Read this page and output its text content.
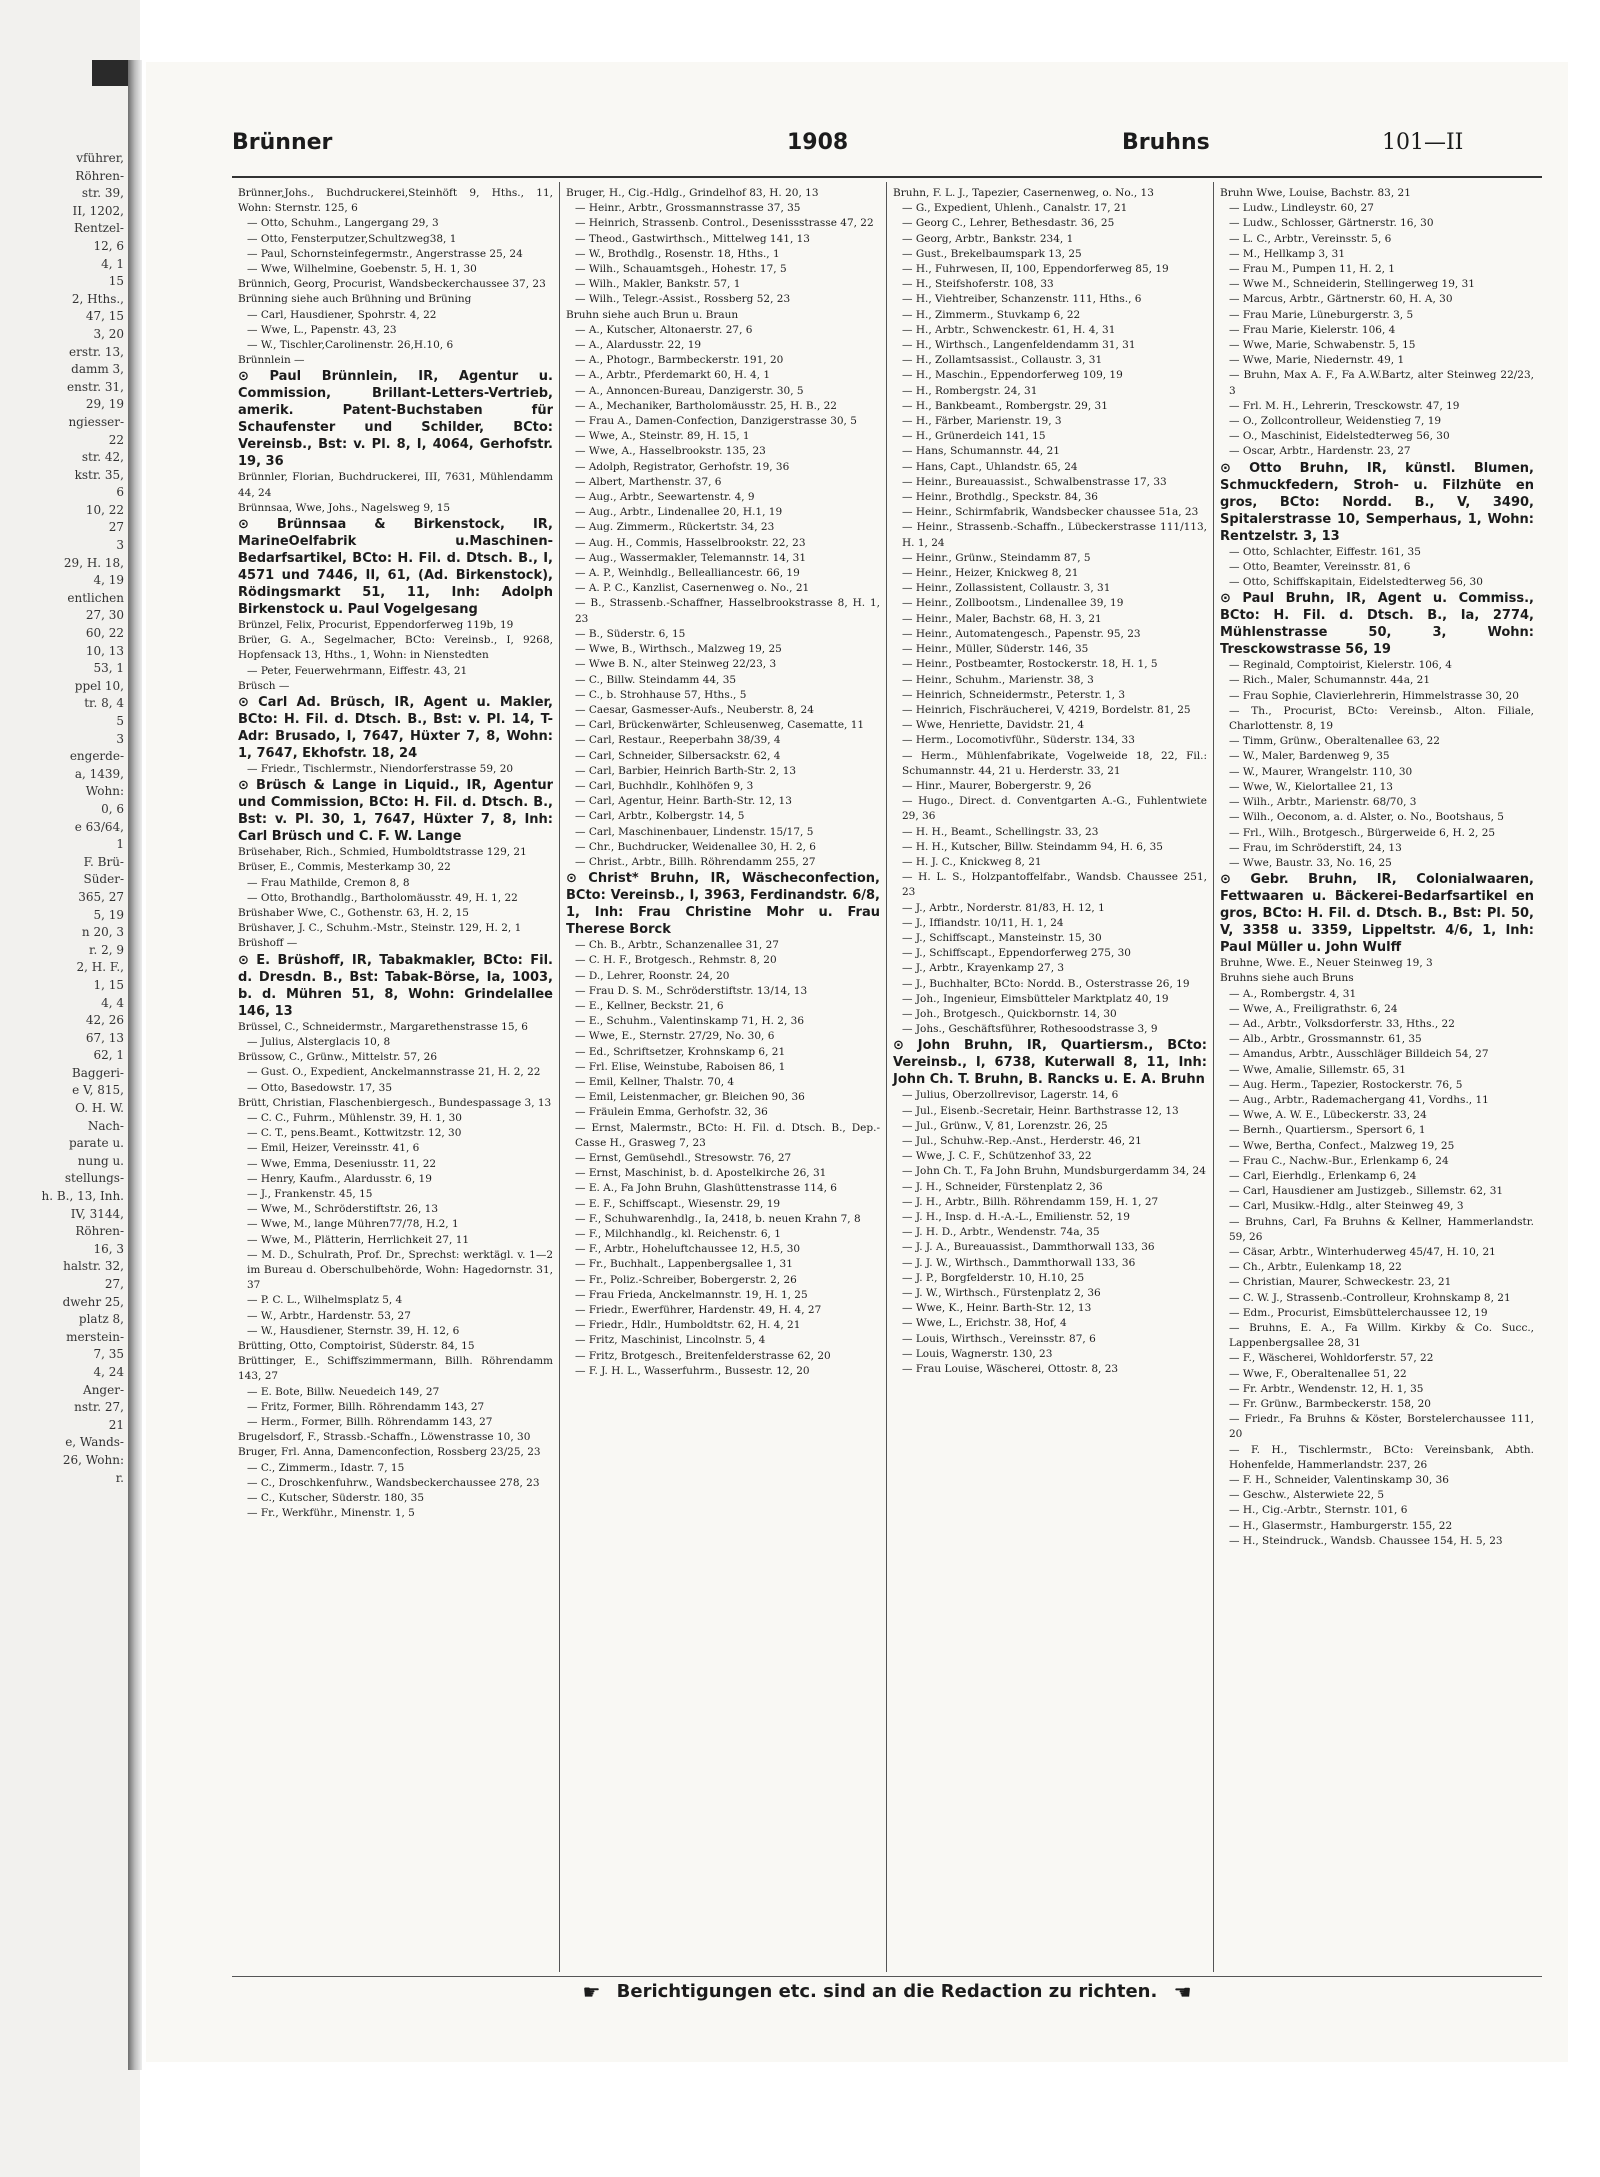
vführer,
Röhren-
str. 39,
II, 1202,
Rentzel-
12, 6
4, 1
15
2, Hths.,
47, 15
3, 20
erstr. 13,
damm 3,
enstr. 31,
29, 19
ngiesser-
22
str. 42,
kstr. 35,
6
10, 22
27
3
29, H. 18,
4, 19
entlichen
27, 30
60, 22
10, 13
53, 1
ppel 10,
tr. 8, 4
5
3
engerde-
a, 1439,
Wohn:
0, 6
e 63/64,
1
F. Brü-
Süder-
365, 27
5, 19
n 20, 3
r. 2, 9
2, H. F.,
1, 15
4, 4
42, 26
67, 13
62, 1
Baggeri-
e V, 815,
O. H. W.
Nach-
parate u.
nung u.
stellungs-
h. B., 13, Inh.
IV, 3144,
Röhren-
16, 3
halstr. 32,
27,
dwehr 25,
platz 8,
merstein-
7, 35
4, 24
Anger-
nstr. 27,
21
e, Wands-
26, Wohn:
r.
Brünner	1908	Bruhns	101—II
Brünner,Johs., Buchdruckerei,Steinhöft 9, Hths., 11, Wohn: Sternstr. 125, 6
— Otto, Schuhm., Langergang 29, 3
— Otto, Fensterputzer,Schultzweg38, 1
— Paul, Schornsteinfegermstr., Angerstrasse 25, 24
— Wwe, Wilhelmine, Goebenstr. 5, H. 1, 30
Brünnich, Georg, Procurist, Wandsbeckerchaussee 37, 23
Brünning siehe auch Brühning und Brüning
— Carl, Hausdiener, Spohrstr. 4, 22
— Wwe, L., Papenstr. 43, 23
— W., Tischler,Carolinenstr. 26,H.10, 6
Brünnlein —
⊙ Paul Brünnlein, IR, Agentur u. Commission, Brillant-Letters-Vertrieb, amerik. Patent-Buchstaben für Schaufenster und Schilder, BCto: Vereinsb., Bst: v. Pl. 8, I, 4064, Gerhofstr. 19, 36
Brünnler, Florian, Buchdruckerei, III, 7631, Mühlendamm 44, 24
Brünnsaa, Wwe, Johs., Nagelsweg 9, 15
⊙ Brünnsaa & Birkenstock, IR, MarineOelfabrik u.Maschinen-Bedarfsartikel, BCto: H. Fil. d. Dtsch. B., I, 4571 und 7446, II, 61, (Ad. Birkenstock), Rödingsmarkt 51, 11, Inh: Adolph Birkenstock u. Paul Vogelgesang
Brünzel, Felix, Procurist, Eppendorferweg 119b, 19
Brüer, G. A., Segelmacher, BCto: Vereinsb., I, 9268, Hopfensack 13, Hths., 1, Wohn: in Nienstedten
— Peter, Feuerwehrmann, Eiffestr. 43, 21
Brüsch —
⊙ Carl Ad. Brüsch, IR, Agent u. Makler, BCto: H. Fil. d. Dtsch. B., Bst: v. Pl. 14, T-Adr: Brusado, I, 7647, Hüxter 7, 8, Wohn: 1, 7647, Ekhofstr. 18, 24
— Friedr., Tischlermstr., Niendorferstrasse 59, 20
⊙ Brüsch & Lange in Liquid., IR, Agentur und Commission, BCto: H. Fil. d. Dtsch. B., Bst: v. Pl. 30, 1, 7647, Hüxter 7, 8, Inh: Carl Brüsch und C. F. W. Lange
Brüsehaber, Rich., Schmied, Humboldtstrasse 129, 21
Brüser, E., Commis, Mesterkamp 30, 22
— Frau Mathilde, Cremon 8, 8
— Otto, Brothandlg., Bartholomäusstr. 49, H. 1, 22
Brüshaber Wwe, C., Gothenstr. 63, H. 2, 15
Brüshaver, J. C., Schuhm.-Mstr., Steinstr. 129, H. 2, 1
Brüshoff —
⊙ E. Brüshoff, IR, Tabakmakler, BCto: Fil. d. Dresdn. B., Bst: Tabak-Börse, Ia, 1003, b. d. Mühren 51, 8, Wohn: Grindelallee 146, 13
Brüssel, C., Schneidermstr., Margarethenstrasse 15, 6
— Julius, Alsterglacis 10, 8
Brüssow, C., Grünw., Mittelstr. 57, 26
— Gust. O., Expedient, Anckelmannstrasse 21, H. 2, 22
— Otto, Basedowstr. 17, 35
Brütt, Christian, Flaschenbiergesch., Bundespassage 3, 13
— C. C., Fuhrm., Mühlenstr. 39, H. 1, 30
— C. T., pens.Beamt., Kottwitzstr. 12, 30
— Emil, Heizer, Vereinsstr. 41, 6
— Wwe, Emma, Deseniusstr. 11, 22
— Henry, Kaufm., Alardusstr. 6, 19
— J., Frankenstr. 45, 15
— Wwe, M., Schröderstiftstr. 26, 13
— Wwe, M., lange Mühren77/78, H.2, 1
— Wwe, M., Plätterin, Herrlichkeit 27, 11
— M. D., Schulrath, Prof. Dr., Sprechst: werktägl. v. 1—2 im Bureau d. Oberschulbehörde, Wohn: Hagedornstr. 31, 37
— P. C. L., Wilhelmsplatz 5, 4
— W., Arbtr., Hardenstr. 53, 27
— W., Hausdiener, Sternstr. 39, H. 12, 6
Brütting, Otto, Comptoirist, Süderstr. 84, 15
Brüttinger, E., Schiffszimmermann, Billh. Röhrendamm 143, 27
— E. Bote, Billw. Neuedeich 149, 27
— Fritz, Former, Billh. Röhrendamm 143, 27
— Herm., Former, Billh. Röhrendamm 143, 27
Brugelsdorf, F., Strassb.-Schaffn., Löwenstrasse 10, 30
Bruger, Frl. Anna, Damenconfection, Rossberg 23/25, 23
— C., Zimmerm., Idastr. 7, 15
— C., Droschkenfuhrw., Wandsbeckerchaussee 278, 23
— C., Kutscher, Süderstr. 180, 35
— Fr., Werkführ., Minenstr. 1, 5
Bruger, H., Cig.-Hdlg., Grindelhof 83, H. 20, 13
— Heinr., Arbtr., Grossmannstrasse 37, 35
— Heinrich, Strassenb. Control., Desenissstrasse 47, 22
— Theod., Gastwirthsch., Mittelweg 141, 13
— W., Brothdlg., Rosenstr. 18, Hths., 1
— Wilh., Schauamtsgeh., Hohestr. 17, 5
— Wilh., Makler, Bankstr. 57, 1
— Wilh., Telegr.-Assist., Rossberg 52, 23
Bruhn siehe auch Brun u. Braun
— A., Kutscher, Altonaerstr. 27, 6
— A., Alardusstr. 22, 19
— A., Photogr., Barmbeckerstr. 191, 20
— A., Arbtr., Pferdemarkt 60, H. 4, 1
— A., Annoncen-Bureau, Danzigerstr. 30, 5
— A., Mechaniker, Bartholomäusstr. 25, H. B., 22
— Frau A., Damen-Confection, Danzigerstrasse 30, 5
— Wwe, A., Steinstr. 89, H. 15, 1
— Wwe, A., Hasselbrookstr. 135, 23
— Adolph, Registrator, Gerhofstr. 19, 36
— Albert, Marthenstr. 37, 6
— Aug., Arbtr., Seewartenstr. 4, 9
— Aug., Arbtr., Lindenallee 20, H.1, 19
— Aug. Zimmerm., Rückertstr. 34, 23
— Aug. H., Commis, Hasselbrookstr. 22, 23
— Aug., Wassermakler, Telemannstr. 14, 31
— A. P., Weinhdlg., Bellealliancestr. 66, 19
— A. P. C., Kanzlist, Casernenweg o. No., 21
— B., Strassenb.-Schaffner, Hasselbrookstrasse 8, H. 1, 23
— B., Süderstr. 6, 15
— Wwe, B., Wirthsch., Malzweg 19, 25
— Wwe B. N., alter Steinweg 22/23, 3
— C., Billw. Steindamm 44, 35
— C., b. Strohhause 57, Hths., 5
— Caesar, Gasmesser-Aufs., Neuberstr. 8, 24
— Carl, Brückenwärter, Schleusenweg, Casematte, 11
— Carl, Restaur., Reeperbahn 38/39, 4
— Carl, Schneider, Silbersackstr. 62, 4
— Carl, Barbier, Heinrich Barth-Str. 2, 13
— Carl, Buchhdlr., Kohlhöfen 9, 3
— Carl, Agentur, Heinr. Barth-Str. 12, 13
— Carl, Arbtr., Kolbergstr. 14, 5
— Carl, Maschinenbauer, Lindenstr. 15/17, 5
— Chr., Buchdrucker, Weidenallee 30, H. 2, 6
— Christ., Arbtr., Billh. Röhrendamm 255, 27
⊙ Christ* Bruhn, IR, Wäscheconfection, BCto: Vereinsb., I, 3963, Ferdinandstr. 6/8, 1, Inh: Frau Christine Mohr u. Frau Therese Borck
— Ch. B., Arbtr., Schanzenallee 31, 27
— C. H. F., Brotgesch., Rehmstr. 8, 20
— D., Lehrer, Roonstr. 24, 20
— Frau D. S. M., Schröderstiftstr. 13/14, 13
— E., Kellner, Beckstr. 21, 6
— E., Schuhm., Valentinskamp 71, H. 2, 36
— Wwe, E., Sternstr. 27/29, No. 30, 6
— Ed., Schriftsetzer, Krohnskamp 6, 21
— Frl. Elise, Weinstube, Raboisen 86, 1
— Emil, Kellner, Thalstr. 70, 4
— Emil, Leistenmacher, gr. Bleichen 90, 36
— Fräulein Emma, Gerhofstr. 32, 36
— Ernst, Malermstr., BCto: H. Fil. d. Dtsch. B., Dep.-Casse H., Grasweg 7, 23
— Ernst, Gemüsehdl., Stresowstr. 76, 27
— Ernst, Maschinist, b. d. Apostelkirche 26, 31
— E. A., Fa John Bruhn, Glashüttenstrasse 114, 6
— E. F., Schiffscapt., Wiesenstr. 29, 19
— F., Schuhwarenhdlg., Ia, 2418, b. neuen Krahn 7, 8
— F., Milchhandlg., kl. Reichenstr. 6, 1
— F., Arbtr., Hoheluftchaussee 12, H.5, 30
— Fr., Buchhalt., Lappenbergsallee 1, 31
— Fr., Poliz.-Schreiber, Bobergerstr. 2, 26
— Frau Frieda, Anckelmannstr. 19, H. 1, 25
— Friedr., Ewerführer, Hardenstr. 49, H. 4, 27
— Friedr., Hdlr., Humboldtstr. 62, H. 4, 21
— Fritz, Maschinist, Lincolnstr. 5, 4
— Fritz, Brotgesch., Breitenfelderstrasse 62, 20
— F. J. H. L., Wasserfuhrm., Bussestr. 12, 20
Bruhn, F. L. J., Tapezier, Casernenweg, o. No., 13
— G., Expedient, Uhlenh., Canalstr. 17, 21
— Georg C., Lehrer, Bethesdastr. 36, 25
— Georg, Arbtr., Bankstr. 234, 1
— Gust., Brekelbaumspark 13, 25
— H., Fuhrwesen, II, 100, Eppendorferweg 85, 19
— H., Steifshoferstr. 108, 33
— H., Viehtreiber, Schanzenstr. 111, Hths., 6
— H., Zimmerm., Stuvkamp 6, 22
— H., Arbtr., Schwenckestr. 61, H. 4, 31
— H., Wirthsch., Langenfeldendamm 31, 31
— H., Zollamtsassist., Collaustr. 3, 31
— H., Maschin., Eppendorferweg 109, 19
— H., Rombergstr. 24, 31
— H., Bankbeamt., Rombergstr. 29, 31
— H., Färber, Marienstr. 19, 3
— H., Grünerdeich 141, 15
— Hans, Schumannstr. 44, 21
— Hans, Capt., Uhlandstr. 65, 24
— Heinr., Bureauassist., Schwalbenstrasse 17, 33
— Heinr., Brothdlg., Speckstr. 84, 36
— Heinr., Schirmfabrik, Wandsbecker chaussee 51a, 23
— Heinr., Strassenb.-Schaffn., Lübeckerstrasse 111/113, H. 1, 24
— Heinr., Grünw., Steindamm 87, 5
— Heinr., Heizer, Knickweg 8, 21
— Heinr., Zollassistent, Collaustr. 3, 31
— Heinr., Zollbootsm., Lindenallee 39, 19
— Heinr., Maler, Bachstr. 68, H. 3, 21
— Heinr., Automatengesch., Papenstr. 95, 23
— Heinr., Müller, Süderstr. 146, 35
— Heinr., Postbeamter, Rostockerstr. 18, H. 1, 5
— Heinr., Schuhm., Marienstr. 38, 3
— Heinrich, Schneidermstr., Peterstr. 1, 3
— Heinrich, Fischräucherei, V, 4219, Bordelstr. 81, 25
— Wwe, Henriette, Davidstr. 21, 4
— Herm., Locomotivführ., Süderstr. 134, 33
— Herm., Mühlenfabrikate, Vogelweide 18, 22, Fil.: Schumannstr. 44, 21 u. Herderstr. 33, 21
— Hinr., Maurer, Bobergerstr. 9, 26
— Hugo., Direct. d. Conventgarten A.-G., Fuhlentwiete 29, 36
— H. H., Beamt., Schellingstr. 33, 23
— H. H., Kutscher, Billw. Steindamm 94, H. 6, 35
— H. J. C., Knickweg 8, 21
— H. L. S., Holzpantoffelfabr., Wandsb. Chaussee 251, 23
— J., Arbtr., Norderstr. 81/83, H. 12, 1
— J., Iffiandstr. 10/11, H. 1, 24
— J., Schiffscapt., Mansteinstr. 15, 30
— J., Schiffscapt., Eppendorferweg 275, 30
— J., Arbtr., Krayenkamp 27, 3
— J., Buchhalter, BCto: Nordd. B., Osterstrasse 26, 19
— Joh., Ingenieur, Eimsbütteler Marktplatz 40, 19
— Joh., Brotgesch., Quickbornstr. 14, 30
— Johs., Geschäftsführer, Rothesoodstrasse 3, 9
⊙ John Bruhn, IR, Quartiersm., BCto: Vereinsb., I, 6738, Kuterwall 8, 11, Inh: John Ch. T. Bruhn, B. Rancks u. E. A. Bruhn
— Julius, Oberzollrevisor, Lagerstr. 14, 6
— Jul., Eisenb.-Secretair, Heinr. Barthstrasse 12, 13
— Jul., Grünw., V, 81, Lorenzstr. 26, 25
— Jul., Schuhw.-Rep.-Anst., Herderstr. 46, 21
— Wwe, J. C. F., Schützenhof 33, 22
— John Ch. T., Fa John Bruhn, Mundsburgerdamm 34, 24
— J. H., Schneider, Fürstenplatz 2, 36
— J. H., Arbtr., Billh. Röhrendamm 159, H. 1, 27
— J. H., Insp. d. H.-A.-L., Emilienstr. 52, 19
— J. H. D., Arbtr., Wendenstr. 74a, 35
— J. J. A., Bureauassist., Dammthorwall 133, 36
— J. J. W., Wirthsch., Dammthorwall 133, 36
— J. P., Borgfelderstr. 10, H.10, 25
— J. W., Wirthsch., Fürstenplatz 2, 36
— Wwe, K., Heinr. Barth-Str. 12, 13
— Wwe, L., Erichstr. 38, Hof, 4
— Louis, Wirthsch., Vereinsstr. 87, 6
— Louis, Wagnerstr. 130, 23
— Frau Louise, Wäscherei, Ottostr. 8, 23
Bruhn Wwe, Louise, Bachstr. 83, 21
— Ludw., Lindleystr. 60, 27
— Ludw., Schlosser, Gärtnerstr. 16, 30
— L. C., Arbtr., Vereinsstr. 5, 6
— M., Hellkamp 3, 31
— Frau M., Pumpen 11, H. 2, 1
— Wwe M., Schneiderin, Stellingerweg 19, 31
— Marcus, Arbtr., Gärtnerstr. 60, H. A, 30
— Frau Marie, Lüneburgerstr. 3, 5
— Frau Marie, Kielerstr. 106, 4
— Wwe, Marie, Schwabenstr. 5, 15
— Wwe, Marie, Niedernstr. 49, 1
— Bruhn, Max A. F., Fa A.W.Bartz, alter Steinweg 22/23, 3
— Frl. M. H., Lehrerin, Tresckowstr. 47, 19
— O., Zollcontrolleur, Weidenstieg 7, 19
— O., Maschinist, Eidelstedterweg 56, 30
— Oscar, Arbtr., Hardenstr. 23, 27
⊙ Otto Bruhn, IR, künstl. Blumen, Schmuckfedern, Stroh- u. Filzhüte en gros, BCto: Nordd. B., V, 3490, Spitalerstrasse 10, Semperhaus, 1, Wohn: Rentzelstr. 3, 13
— Otto, Schlachter, Eiffestr. 161, 35
— Otto, Beamter, Vereinsstr. 81, 6
— Otto, Schiffskapitain, Eidelstedterweg 56, 30
⊙ Paul Bruhn, IR, Agent u. Commiss., BCto: H. Fil. d. Dtsch. B., Ia, 2774, Mühlenstrasse 50, 3, Wohn: Tresckowstrasse 56, 19
— Reginald, Comptoirist, Kielerstr. 106, 4
— Rich., Maler, Schumannstr. 44a, 21
— Frau Sophie, Clavierlehrerin, Himmelstrasse 30, 20
— Th., Procurist, BCto: Vereinsb., Alton. Filiale, Charlottenstr. 8, 19
— Timm, Grünw., Oberaltenallee 63, 22
— W., Maler, Bardenweg 9, 35
— W., Maurer, Wrangelstr. 110, 30
— Wwe, W., Kielortallee 21, 13
— Wilh., Arbtr., Marienstr. 68/70, 3
— Wilh., Oeconom, a. d. Alster, o. No., Bootshaus, 5
— Frl., Wilh., Brotgesch., Bürgerweide 6, H. 2, 25
— Frau, im Schröderstift, 24, 13
— Wwe, Baustr. 33, No. 16, 25
⊙ Gebr. Bruhn, IR, Colonialwaaren, Fettwaaren u. Bäckerei-Bedarfsartikel en gros, BCto: H. Fil. d. Dtsch. B., Bst: Pl. 50, V, 3358 u. 3359, Lippeltstr. 4/6, 1, Inh: Paul Müller u. John Wulff
Bruhne, Wwe. E., Neuer Steinweg 19, 3
Bruhns siehe auch Bruns
— A., Rombergstr. 4, 31
— Wwe, A., Freiligrathstr. 6, 24
— Ad., Arbtr., Volksdorferstr. 33, Hths., 22
— Alb., Arbtr., Grossmannstr. 61, 35
— Amandus, Arbtr., Ausschläger Billdeich 54, 27
— Wwe, Amalie, Sillemstr. 65, 31
— Aug. Herm., Tapezier, Rostockerstr. 76, 5
— Aug., Arbtr., Rademachergang 41, Vordhs., 11
— Wwe, A. W. E., Lübeckerstr. 33, 24
— Bernh., Quartiersm., Spersort 6, 1
— Wwe, Bertha, Confect., Malzweg 19, 25
— Frau C., Nachw.-Bur., Erlenkamp 6, 24
— Carl, Eierhdlg., Erlenkamp 6, 24
— Carl, Hausdiener am Justizgeb., Sillemstr. 62, 31
— Carl, Musikw.-Hdlg., alter Steinweg 49, 3
— Bruhns, Carl, Fa Bruhns & Kellner, Hammerlandstr. 59, 26
— Cäsar, Arbtr., Winterhuderweg 45/47, H. 10, 21
— Ch., Arbtr., Eulenkamp 18, 22
— Christian, Maurer, Schweckestr. 23, 21
— C. W. J., Strassenb.-Controlleur, Krohnskamp 8, 21
— Edm., Procurist, Eimsbüttelerchaussee 12, 19
— Bruhns, E. A., Fa Willm. Kirkby & Co. Succ., Lappenbergsallee 28, 31
— F., Wäscherei, Wohldorferstr. 57, 22
— Wwe, F., Oberaltenallee 51, 22
— Fr. Arbtr., Wendenstr. 12, H. 1, 35
— Fr. Grünw., Barmbeckerstr. 158, 20
— Friedr., Fa Bruhns & Köster, Borstelerchaussee 111, 20
— F. H., Tischlermstr., BCto: Vereinsbank, Abth. Hohenfelde, Hammerlandstr. 237, 26
— F. H., Schneider, Valentinskamp 30, 36
— Geschw., Alsterwiete 22, 5
— H., Cig.-Arbtr., Sternstr. 101, 6
— H., Glasermstr., Hamburgerstr. 155, 22
— H., Steindruck., Wandsb. Chaussee 154, H. 5, 23
☛ Berichtigungen etc. sind an die Redaction zu richten. ☚
